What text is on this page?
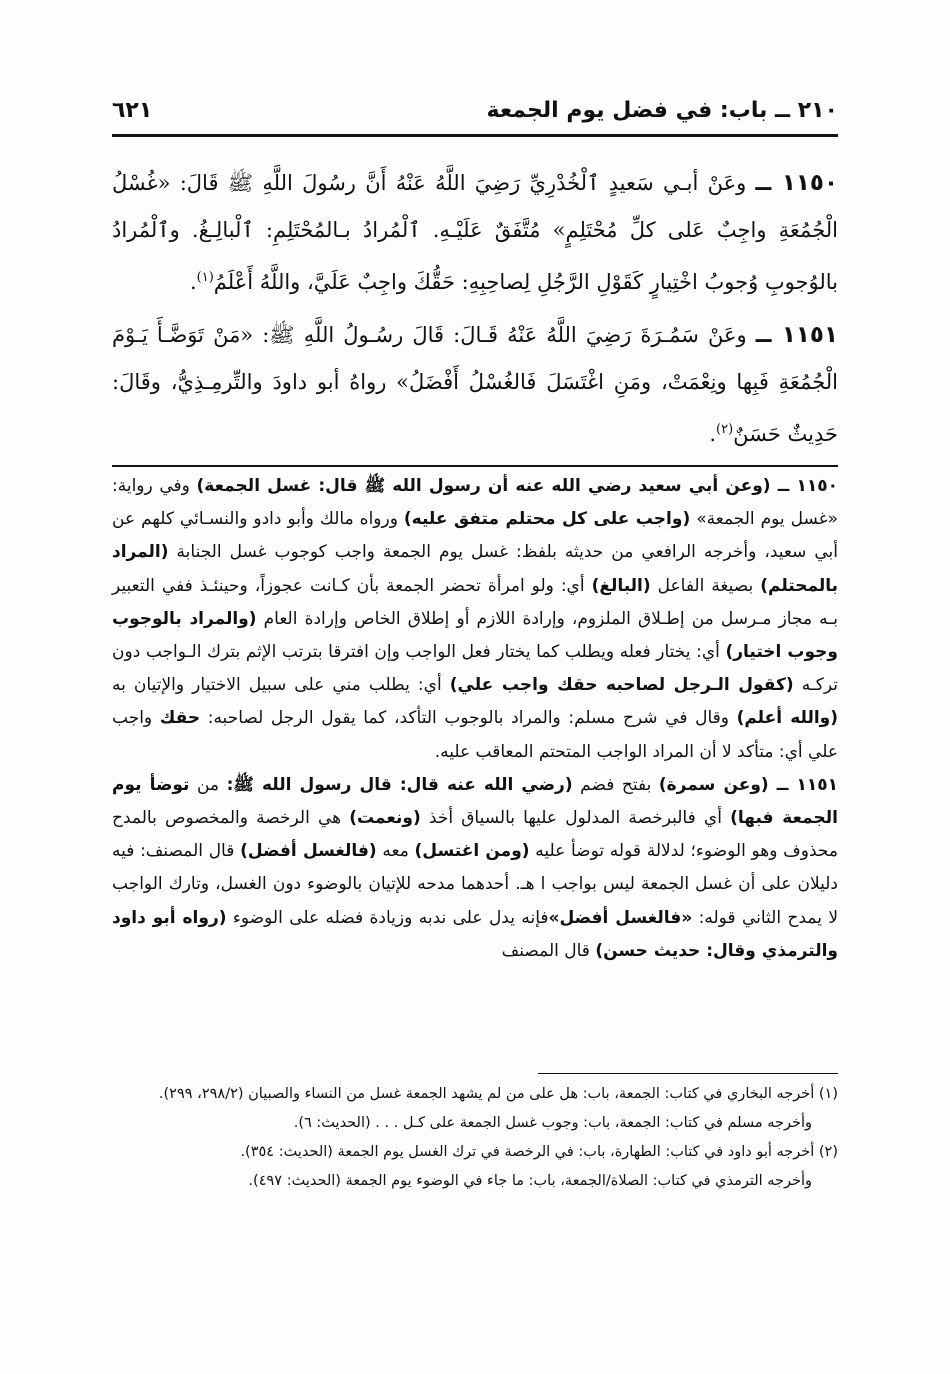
٢١٠ ــ باب: في فضل يوم الجمعة
٦٢١

١١٥٠ ــ وعَنْ أبـي سَعيدٍ ٱلْخُدْرِيِّ رَضِيَ اللَّهُ عَنْهُ أَنَّ رسُولَ اللَّهِ ﷺ قَالَ: «غُسْلُ الْجُمُعَةِ واجِبٌ عَلى كلِّ مُحْتَلِمٍ» مُتَّفَقٌ عَلَيْـهِ. ٱلْمُرادُ بـالمُحْتَلِمِ: ٱلْبالِـغُ. وٱلْمُرادُ بالوُجوبِ وُجوبُ اخْتِيارٍ كَقَوْلِ الرَّجُلِ لِصاحِبِهِ: حَقُّكَ واجِبٌ عَلَيَّ، واللَّهُ أَعْلَمُ$^{(١)}$.

١١٥١ ــ وعَنْ سَمُـرَةَ رَضِيَ اللَّهُ عَنْهُ قَـالَ: قَالَ رسُـولُ اللَّهِ ﷺ: «مَنْ تَوَضَّـأَ يَـوْمَ الْجُمُعَةِ فَبِها ونِعْمَتْ، ومَنِ اغْتَسَلَ فَالغُسْلُ أَفْضَلُ» رواهُ أبو داودَ والتِّرمِـذِيُّ، وقَالَ: حَدِيثٌ حَسَنٌ$^{(٢)}$.

١١٥٠ ــ (وعن أبي سعيد رضي الله عنه أن رسول الله ﷺ قال: غسل الجمعة) وفي رواية: «غسل يوم الجمعة» (واجب على كل محتلم متفق عليه) ورواه مالك وأبو دادو والنسـائي كلهم عن أبي سعيد، وأخرجه الرافعي من حديثه بلفظ: غسل يوم الجمعة واجب كوجوب غسل الجنابة (المراد بالمحتلم) بصيغة الفاعل (البالغ) أي: ولو امرأة تحضر الجمعة بأن كـانت عجوزاً، وحينئـذ ففي التعبير بـه مجاز مـرسل من إطـلاق الملزوم، وإرادة اللازم أو إطلاق الخاص وإرادة العام (والمراد بالوجوب وجوب اختيار) أي: يختار فعله ويطلب كما يختار فعل الواجب وإن افترقا بترتب الإثم بترك الـواجب دون تركـه (كقول الـرجل لصاحبه حقك واجب علي) أي: يطلب مني على سبيل الاختيار والإتيان به (والله أعلم) وقال في شرح مسلم: والمراد بالوجوب التأكد، كما يقول الرجل لصاحبه: حقك واجب علي أي: متأكد لا أن المراد الواجب المتحتم المعاقب عليه.

١١٥١ ــ (وعن سمرة) بفتح فضم (رضي الله عنه قال: قال رسول الله ﷺ: من توضأ يوم الجمعة فبها) أي فالبرخصة المدلول عليها بالسياق أخذ (ونعمت) هي الرخصة والمخصوص بالمدح محذوف وهو الوضوء؛ لدلالة قوله توضأ عليه (ومن اغتسل) معه (فالغسل أفضل) قال المصنف: فيه دليلان على أن غسل الجمعة ليس بواجب ا هـ. أحدهما مدحه للإتيان بالوضوء دون الغسل، وتارك الواجب لا يمدح الثاني قوله: «فالغسل أفضل»فإنه يدل على ندبه وزيادة فضله على الوضوء (رواه أبو داود والترمذي وقال: حديث حسن) قال المصنف

(١) أخرجه البخاري في كتاب: الجمعة، باب: هل على من لم يشهد الجمعة غسل من النساء والصبيان (٢٩٨/٢، ٢٩٩).

وأخرجه مسلم في كتاب: الجمعة، باب: وجوب غسل الجمعة على كـل . . . (الحديث: ٦).

(٢) أخرجه أبو داود في كتاب: الطهارة، باب: في الرخصة في ترك الغسل يوم الجمعة (الحديث: ٣٥٤).

وأخرجه الترمذي في كتاب: الصلاة/الجمعة، باب: ما جاء في الوضوء يوم الجمعة (الحديث: ٤٩٧).
